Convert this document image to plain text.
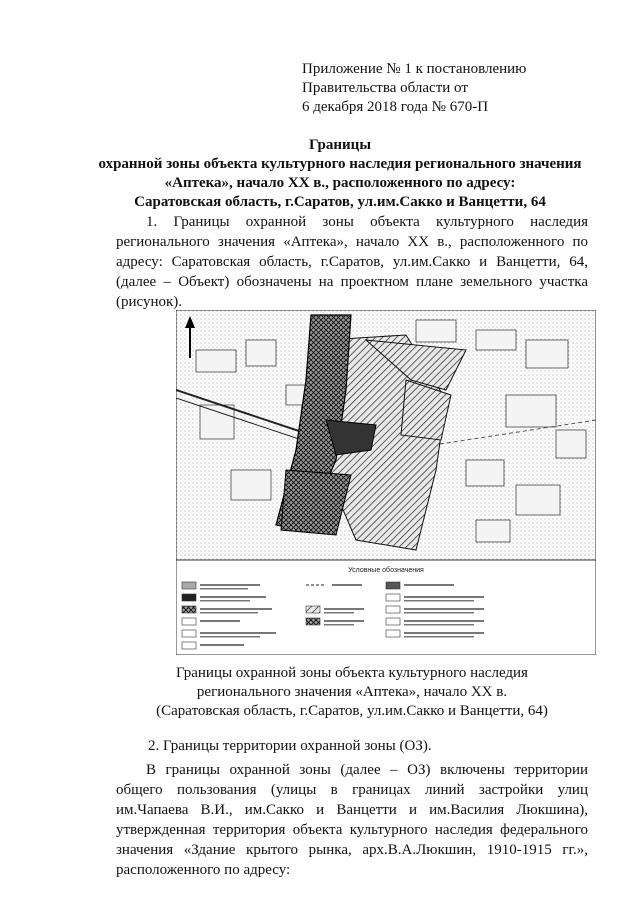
Приложение № 1 к постановлению
Правительства области от
6 декабря 2018 года № 670-П
Границы
охранной зоны объекта культурного наследия регионального значения
«Аптека», начало XX в., расположенного по адресу:
Саратовская область, г.Саратов, ул.им.Сакко и Ванцетти, 64
1. Границы охранной зоны объекта культурного наследия регионального значения «Аптека», начало XX в., расположенного по адресу: Саратовская область, г.Саратов, ул.им.Сакко и Ванцетти, 64, (далее – Объект) обозначены на проектном плане земельного участка (рисунок).
Условные обозначения
Границы охранной зоны объекта культурного наследия
регионального значения «Аптека», начало XX в.
(Саратовская область, г.Саратов, ул.им.Сакко и Ванцетти, 64)
2. Границы территории охранной зоны (ОЗ).
В границы охранной зоны (далее – ОЗ) включены территории общего пользования (улицы в границах линий застройки улиц им.Чапаева В.И., им.Сакко и Ванцетти и им.Василия Люкшина), утвержденная территория объекта культурного наследия федерального значения «Здание крытого рынка, арх.В.А.Люкшин, 1910-1915 гг.», расположенного по адресу:
